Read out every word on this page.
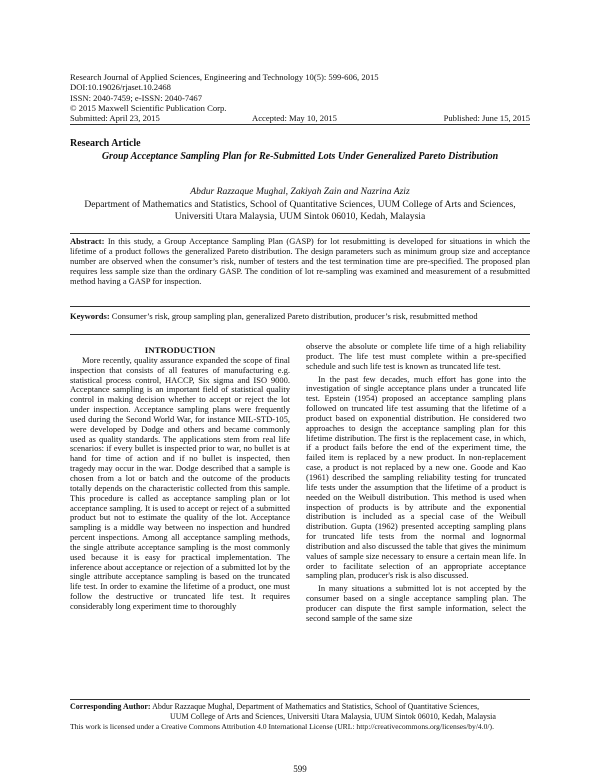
Research Journal of Applied Sciences, Engineering and Technology 10(5): 599-606, 2015
DOI:10.19026/rjaset.10.2468
ISSN: 2040-7459; e-ISSN: 2040-7467
© 2015 Maxwell Scientific Publication Corp.
Submitted: April 23, 2015	Accepted: May 10, 2015	Published: June 15, 2015
Research Article
Group Acceptance Sampling Plan for Re-Submitted Lots Under Generalized Pareto Distribution
Abdur Razzaque Mughal, Zakiyah Zain and Nazrina Aziz
Department of Mathematics and Statistics, School of Quantitative Sciences, UUM College of Arts and Sciences, Universiti Utara Malaysia, UUM Sintok 06010, Kedah, Malaysia
Abstract: In this study, a Group Acceptance Sampling Plan (GASP) for lot resubmitting is developed for situations in which the lifetime of a product follows the generalized Pareto distribution. The design parameters such as minimum group size and acceptance number are observed when the consumer’s risk, number of testers and the test termination time are pre-specified. The proposed plan requires less sample size than the ordinary GASP. The condition of lot re-sampling was examined and measurement of a resubmitted method having a GASP for inspection.
Keywords: Consumer’s risk, group sampling plan, generalized Pareto distribution, producer’s risk, resubmitted method

INTRODUCTION

More recently, quality assurance expanded the scope of final inspection that consists of all features of manufacturing e.g. statistical process control, HACCP, Six sigma and ISO 9000. Acceptance sampling is an important field of statistical quality control in making decision whether to accept or reject the lot under inspection. Acceptance sampling plans were frequently used during the Second World War, for instance MIL-STD-105, were developed by Dodge and others and became commonly used as quality standards. The applications stem from real life scenarios: if every bullet is inspected prior to war, no bullet is at hand for time of action and if no bullet is inspected, then tragedy may occur in the war. Dodge described that a sample is chosen from a lot or batch and the outcome of the products totally depends on the characteristic collected from this sample. This procedure is called as acceptance sampling plan or lot acceptance sampling. It is used to accept or reject of a submitted product but not to estimate the quality of the lot. Acceptance sampling is a middle way between no inspection and hundred percent inspections. Among all acceptance sampling methods, the single attribute acceptance sampling is the most commonly used because it is easy for practical implementation. The inference about acceptance or rejection of a submitted lot by the single attribute acceptance sampling is based on the truncated life test. In order to examine the lifetime of a product, one must follow the destructive or truncated life test. It requires considerably long experiment time to thoroughly

observe the absolute or complete life time of a high reliability product. The life test must complete within a pre-specified schedule and such life test is known as truncated life test.

In the past few decades, much effort has gone into the investigation of single acceptance plans under a truncated life test. Epstein (1954) proposed an acceptance sampling plans followed on truncated life test assuming that the lifetime of a product based on exponential distribution. He considered two approaches to design the acceptance sampling plan for this lifetime distribution. The first is the replacement case, in which, if a product fails before the end of the experiment time, the failed item is replaced by a new product. In non-replacement case, a product is not replaced by a new one. Goode and Kao (1961) described the sampling reliability testing for truncated life tests under the assumption that the lifetime of a product is needed on the Weibull distribution. This method is used when inspection of products is by attribute and the exponential distribution is included as a special case of the Weibull distribution. Gupta (1962) presented accepting sampling plans for truncated life tests from the normal and lognormal distribution and also discussed the table that gives the minimum values of sample size necessary to ensure a certain mean life. In order to facilitate selection of an appropriate acceptance sampling plan, producer's risk is also discussed.

In many situations a submitted lot is not accepted by the consumer based on a single acceptance sampling plan. The producer can dispute the first sample information, select the second sample of the same size

Corresponding Author: Abdur Razzaque Mughal, Department of Mathematics and Statistics, School of Quantitative Sciences,
UUM College of Arts and Sciences, Universiti Utara Malaysia, UUM Sintok 06010, Kedah, Malaysia
This work is licensed under a Creative Commons Attribution 4.0 International License (URL: http://creativecommons.org/licenses/by/4.0/).
599
